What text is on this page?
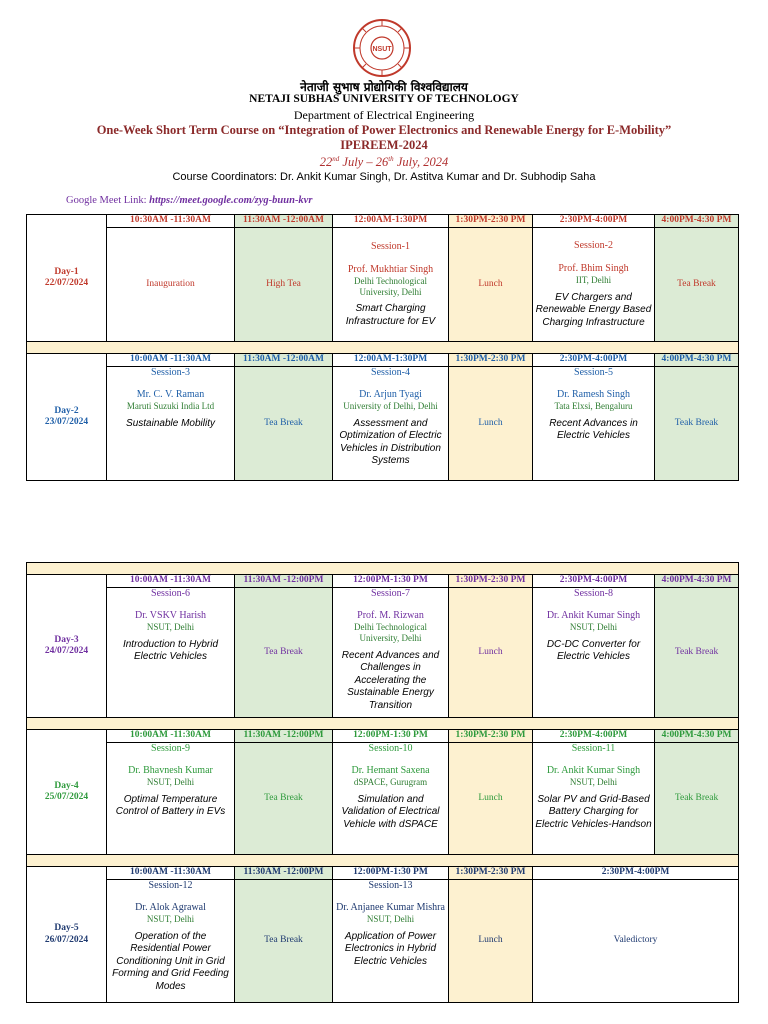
NSUT
नेताजी सुभाष प्रोद्योगिकी विश्वविद्यालय
NETAJI SUBHAS UNIVERSITY OF TECHNOLOGY
Department of Electrical Engineering
One-Week Short Term Course on “Integration of Power Electronics and Renewable Energy for E-Mobility”
IPEREEM-2024
22nd July – 26th July, 2024
Course Coordinators: Dr. Ankit Kumar Singh, Dr. Astitva Kumar and Dr. Subhodip Saha
Google Meet Link: https://meet.google.com/zyg-buun-kvr
Day-1
22/07/2024	10:30AM -11:30AM	11:30AM -12:00AM	12:00AM-1:30PM	1:30PM-2:30 PM	2:30PM-4:00PM	4:00PM-4:30 PM
	Inauguration	High Tea	Session-1
Prof. Mukhtiar Singh
Delhi Technological University, Delhi
Smart Charging Infrastructure for EV	Lunch	Session-2
Prof. Bhim Singh
IIT, Delhi
EV Chargers and Renewable Energy Based Charging Infrastructure	Tea Break

Day-2
23/07/2024	10:00AM -11:30AM	11:30AM -12:00AM	12:00AM-1:30PM	1:30PM-2:30 PM	2:30PM-4:00PM	4:00PM-4:30 PM

	Session-3
Mr. C. V. Raman
Maruti Suzuki India Ltd
Sustainable Mobility	Tea Break	Session-4
Dr. Arjun Tyagi
University of Delhi, Delhi
Assessment and Optimization of Electric Vehicles in Distribution Systems	Lunch	Session-5
Dr. Ramesh Singh
Tata Elxsi, Bengaluru
Recent Advances in Electric Vehicles	Teak Break

Day-3
24/07/2024	10:00AM -11:30AM	11:30AM -12:00PM	12:00PM-1:30 PM	1:30PM-2:30 PM	2:30PM-4:00PM	4:00PM-4:30 PM

	Session-6
Dr. VSKV Harish
NSUT, Delhi
Introduction to Hybrid Electric Vehicles	Tea Break	Session-7
Prof. M. Rizwan
Delhi Technological University, Delhi
Recent Advances and Challenges in Accelerating the Sustainable Energy Transition	Lunch	Session-8
Dr. Ankit Kumar Singh
NSUT, Delhi
DC-DC Converter for Electric Vehicles	Teak Break

Day-4
25/07/2024	10:00AM -11:30AM	11:30AM -12:00PM	12:00PM-1:30 PM	1:30PM-2:30 PM	2:30PM-4:00PM	4:00PM-4:30 PM

	Session-9
Dr. Bhavnesh Kumar
NSUT, Delhi
Optimal Temperature Control of Battery in EVs	Tea Break	Session-10
Dr. Hemant Saxena
dSPACE, Gurugram
Simulation and Validation of Electrical Vehicle with dSPACE	Lunch	Session-11
Dr. Ankit Kumar Singh
NSUT, Delhi
Solar PV and Grid-Based Battery Charging for Electric Vehicles-Handson	Teak Break

Day-5
26/07/2024	10:00AM -11:30AM	11:30AM -12:00PM	12:00PM-1:30 PM	1:30PM-2:30 PM	2:30PM-4:00PM	

	Session-12
Dr. Alok Agrawal
NSUT, Delhi
Operation of the Residential Power Conditioning Unit in Grid Forming and Grid Feeding Modes	Tea Break	Session-13
Dr. Anjanee Kumar Mishra
NSUT, Delhi
Application of Power Electronics in Hybrid Electric Vehicles	Lunch	Valedictory	
